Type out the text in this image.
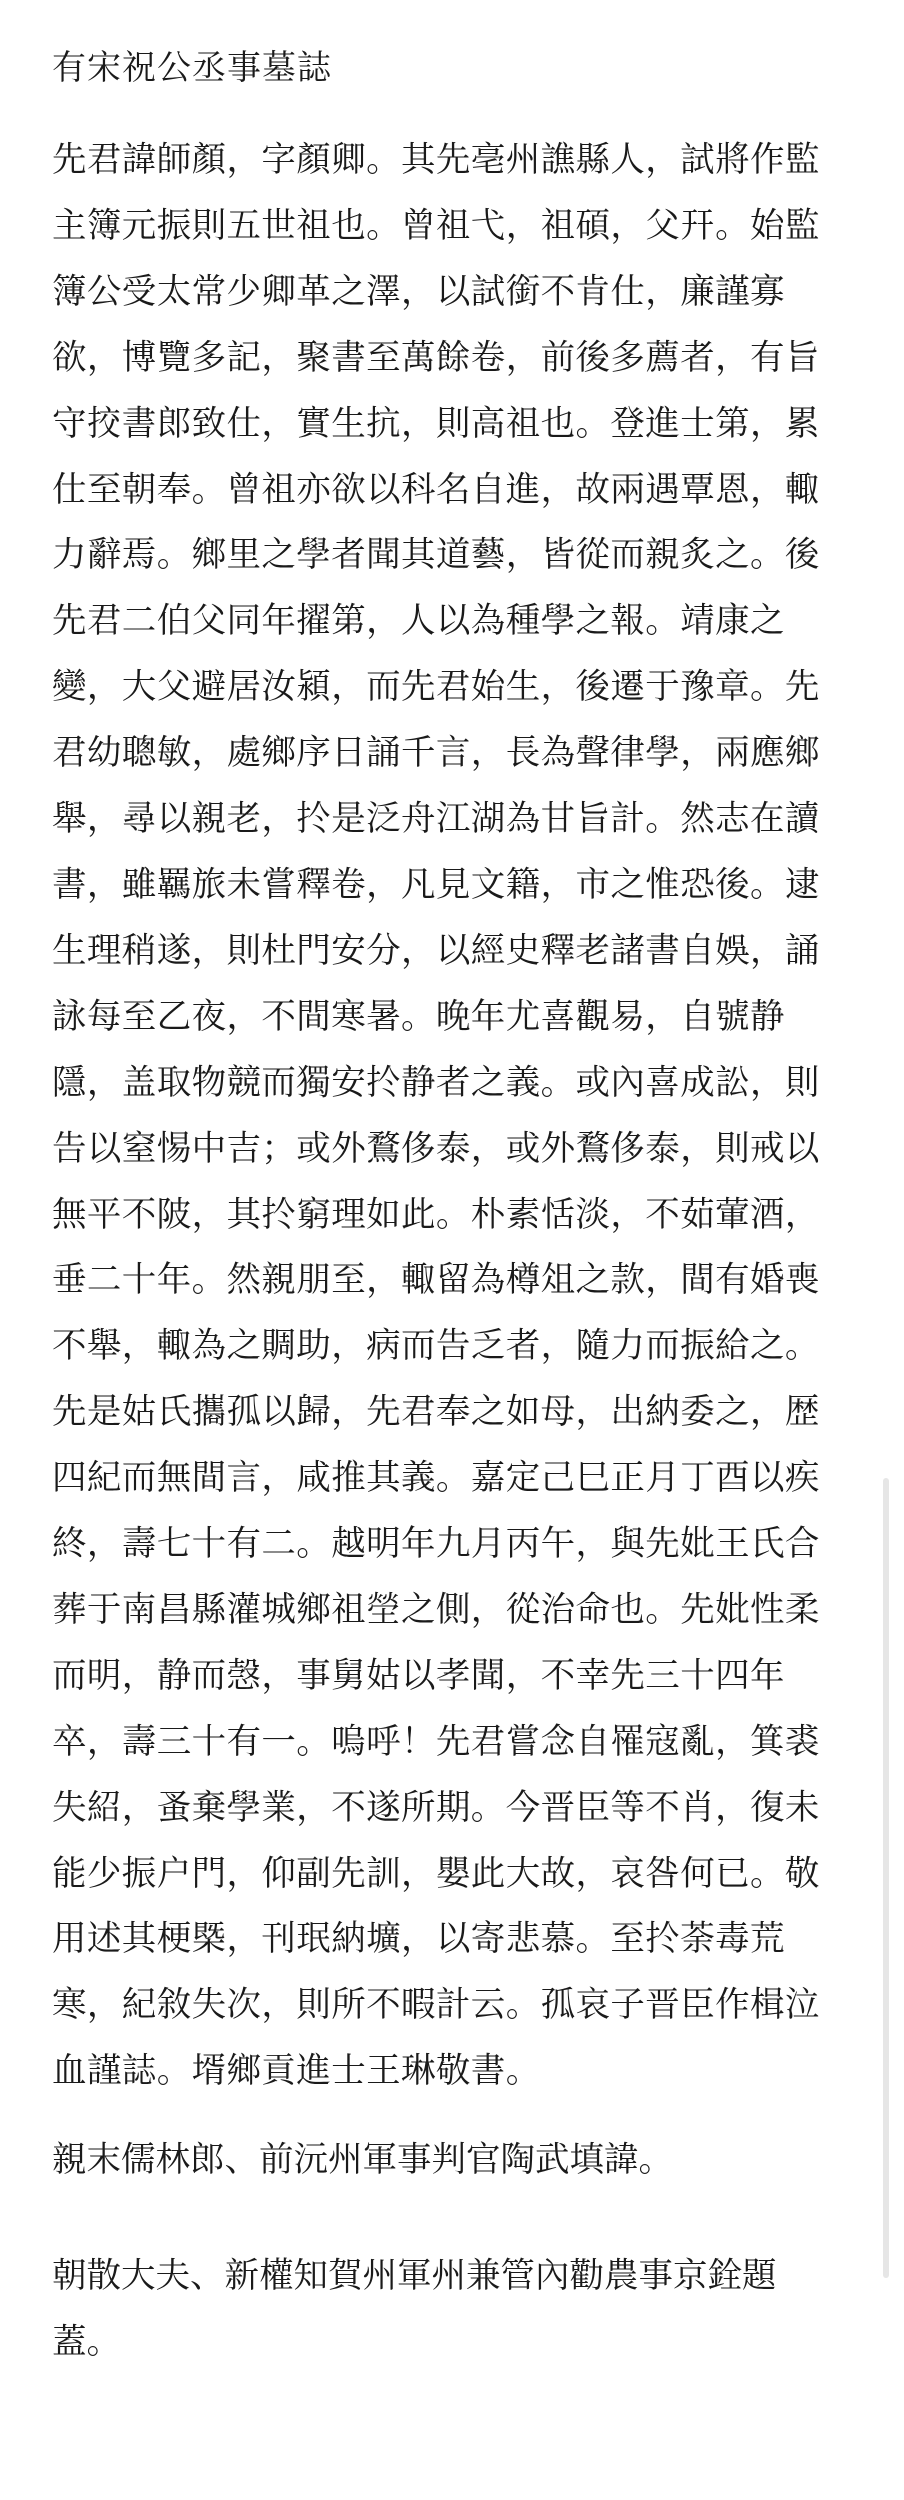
有宋祝公丞事墓誌
先君諱師顏，字顏卿。其先亳州譙縣人，試將作監
主簿元振則五世祖也。曾祖弋，祖碩，父幵。始監
簿公受太常少卿革之澤，以試銜不肯仕，廉謹寡
欲，博覽多記，聚書至萬餘卷，前後多薦者，有旨
守挍書郎致仕，實生抗，則高祖也。登進士第，累
仕至朝奉。曾祖亦欲以科名自進，故兩遇覃恩，輙
力辭焉。鄉里之學者聞其道藝，皆從而親炙之。後
先君二伯父同年擢第，人以為種學之報。靖康之
變，大父避居汝潁，而先君始生，後遷于豫章。先
君幼聰敏，處鄉序日誦千言，長為聲律學，兩應鄉
舉，尋以親老，扵是泛舟江湖為甘旨計。然志在讀
書，雖羈旅未嘗釋卷，凡見文籍，市之惟恐後。逮
生理稍遂，則杜門安分，以經史釋老諸書自娛，誦
詠每至乙夜，不間寒暑。晚年尤喜觀易，自號静
隱，盖取物競而獨安扵静者之義。或內喜成訟，則
告以窒惕中吉；或外鶩侈泰，或外鶩侈泰，則戒以
無平不陂，其扵窮理如此。朴素恬淡，不茹葷酒，
垂二十年。然親朋至，輙留為樽俎之款，間有婚喪
不舉，輙為之賙助，病而告乏者，隨力而振給之。
先是姑氏攜孤以歸，先君奉之如母，出納委之，歴
四紀而無間言，咸推其義。嘉定己巳正月丁酉以疾
終，壽七十有二。越明年九月丙午，與先妣王氏合
葬于南昌縣灌城鄉祖塋之側，從治命也。先妣性柔
而明，静而愨，事舅姑以孝聞，不幸先三十四年
卒，壽三十有一。嗚呼！先君嘗念自罹寇亂，箕裘
失紹，蚤棄學業，不遂所期。今晋臣等不肖，復未
能少振户門，仰副先訓，嬰此大故，哀咎何已。敬
用述其梗槩，刊珉納壙，以寄悲慕。至扵荼毒荒
寒，紀敘失次，則所不暇計云。孤哀子晋臣作楫泣
血謹誌。壻鄉貢進士王琳敬書。

親末儒林郎、前沅州軍事判官陶武填諱。

朝散大夫、新權知賀州軍州兼管內勸農事京銓題
蓋。
